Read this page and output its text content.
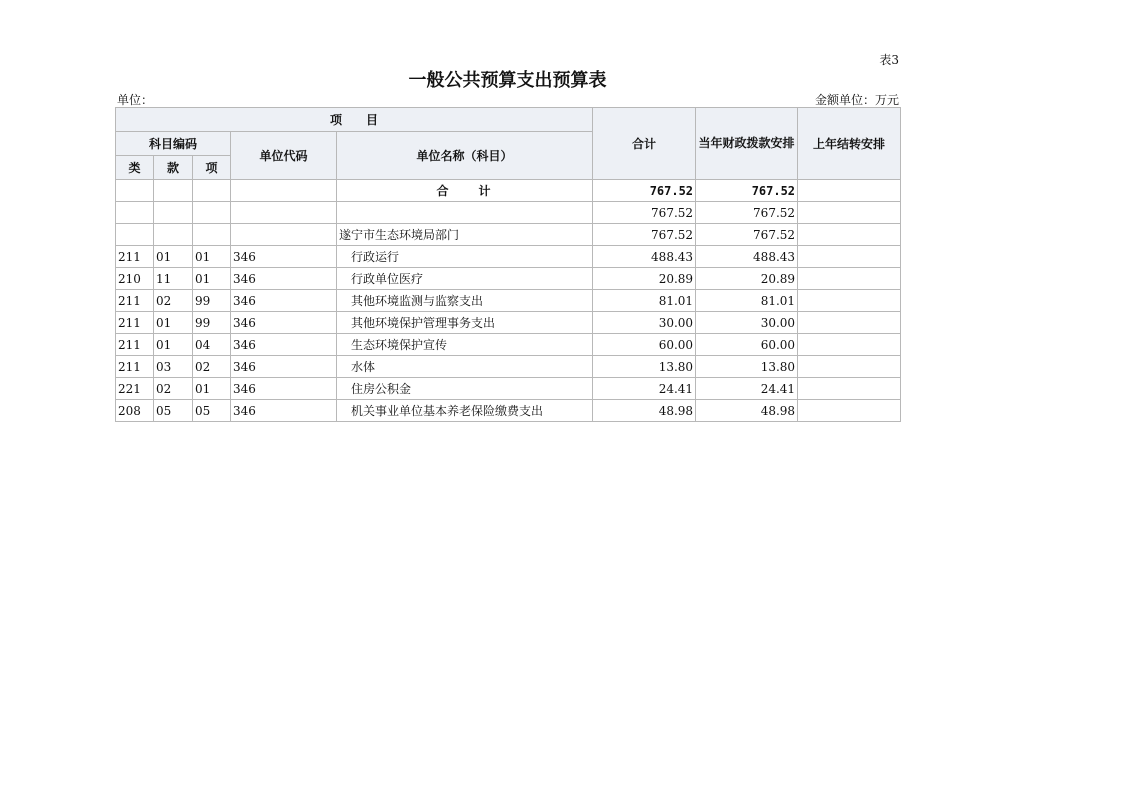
表3
一般公共预算支出预算表
单位：	金额单位：万元
项　　目					合计	当年财政拨款安排	上年结转安排
科目编码			单位代码	单位名称（科目）			
类	款	项					
				合　　计	767.52	767.52	
					767.52	767.52	
				遂宁市生态环境局部门	767.52	767.52	
211	01	01	346	行政运行	488.43	488.43	
210	11	01	346	行政单位医疗	20.89	20.89	
211	02	99	346	其他环境监测与监察支出	81.01	81.01	
211	01	99	346	其他环境保护管理事务支出	30.00	30.00	
211	01	04	346	生态环境保护宣传	60.00	60.00	
211	03	02	346	水体	13.80	13.80	
221	02	01	346	住房公积金	24.41	24.41	
208	05	05	346	机关事业单位基本养老保险缴费支出	48.98	48.98	
